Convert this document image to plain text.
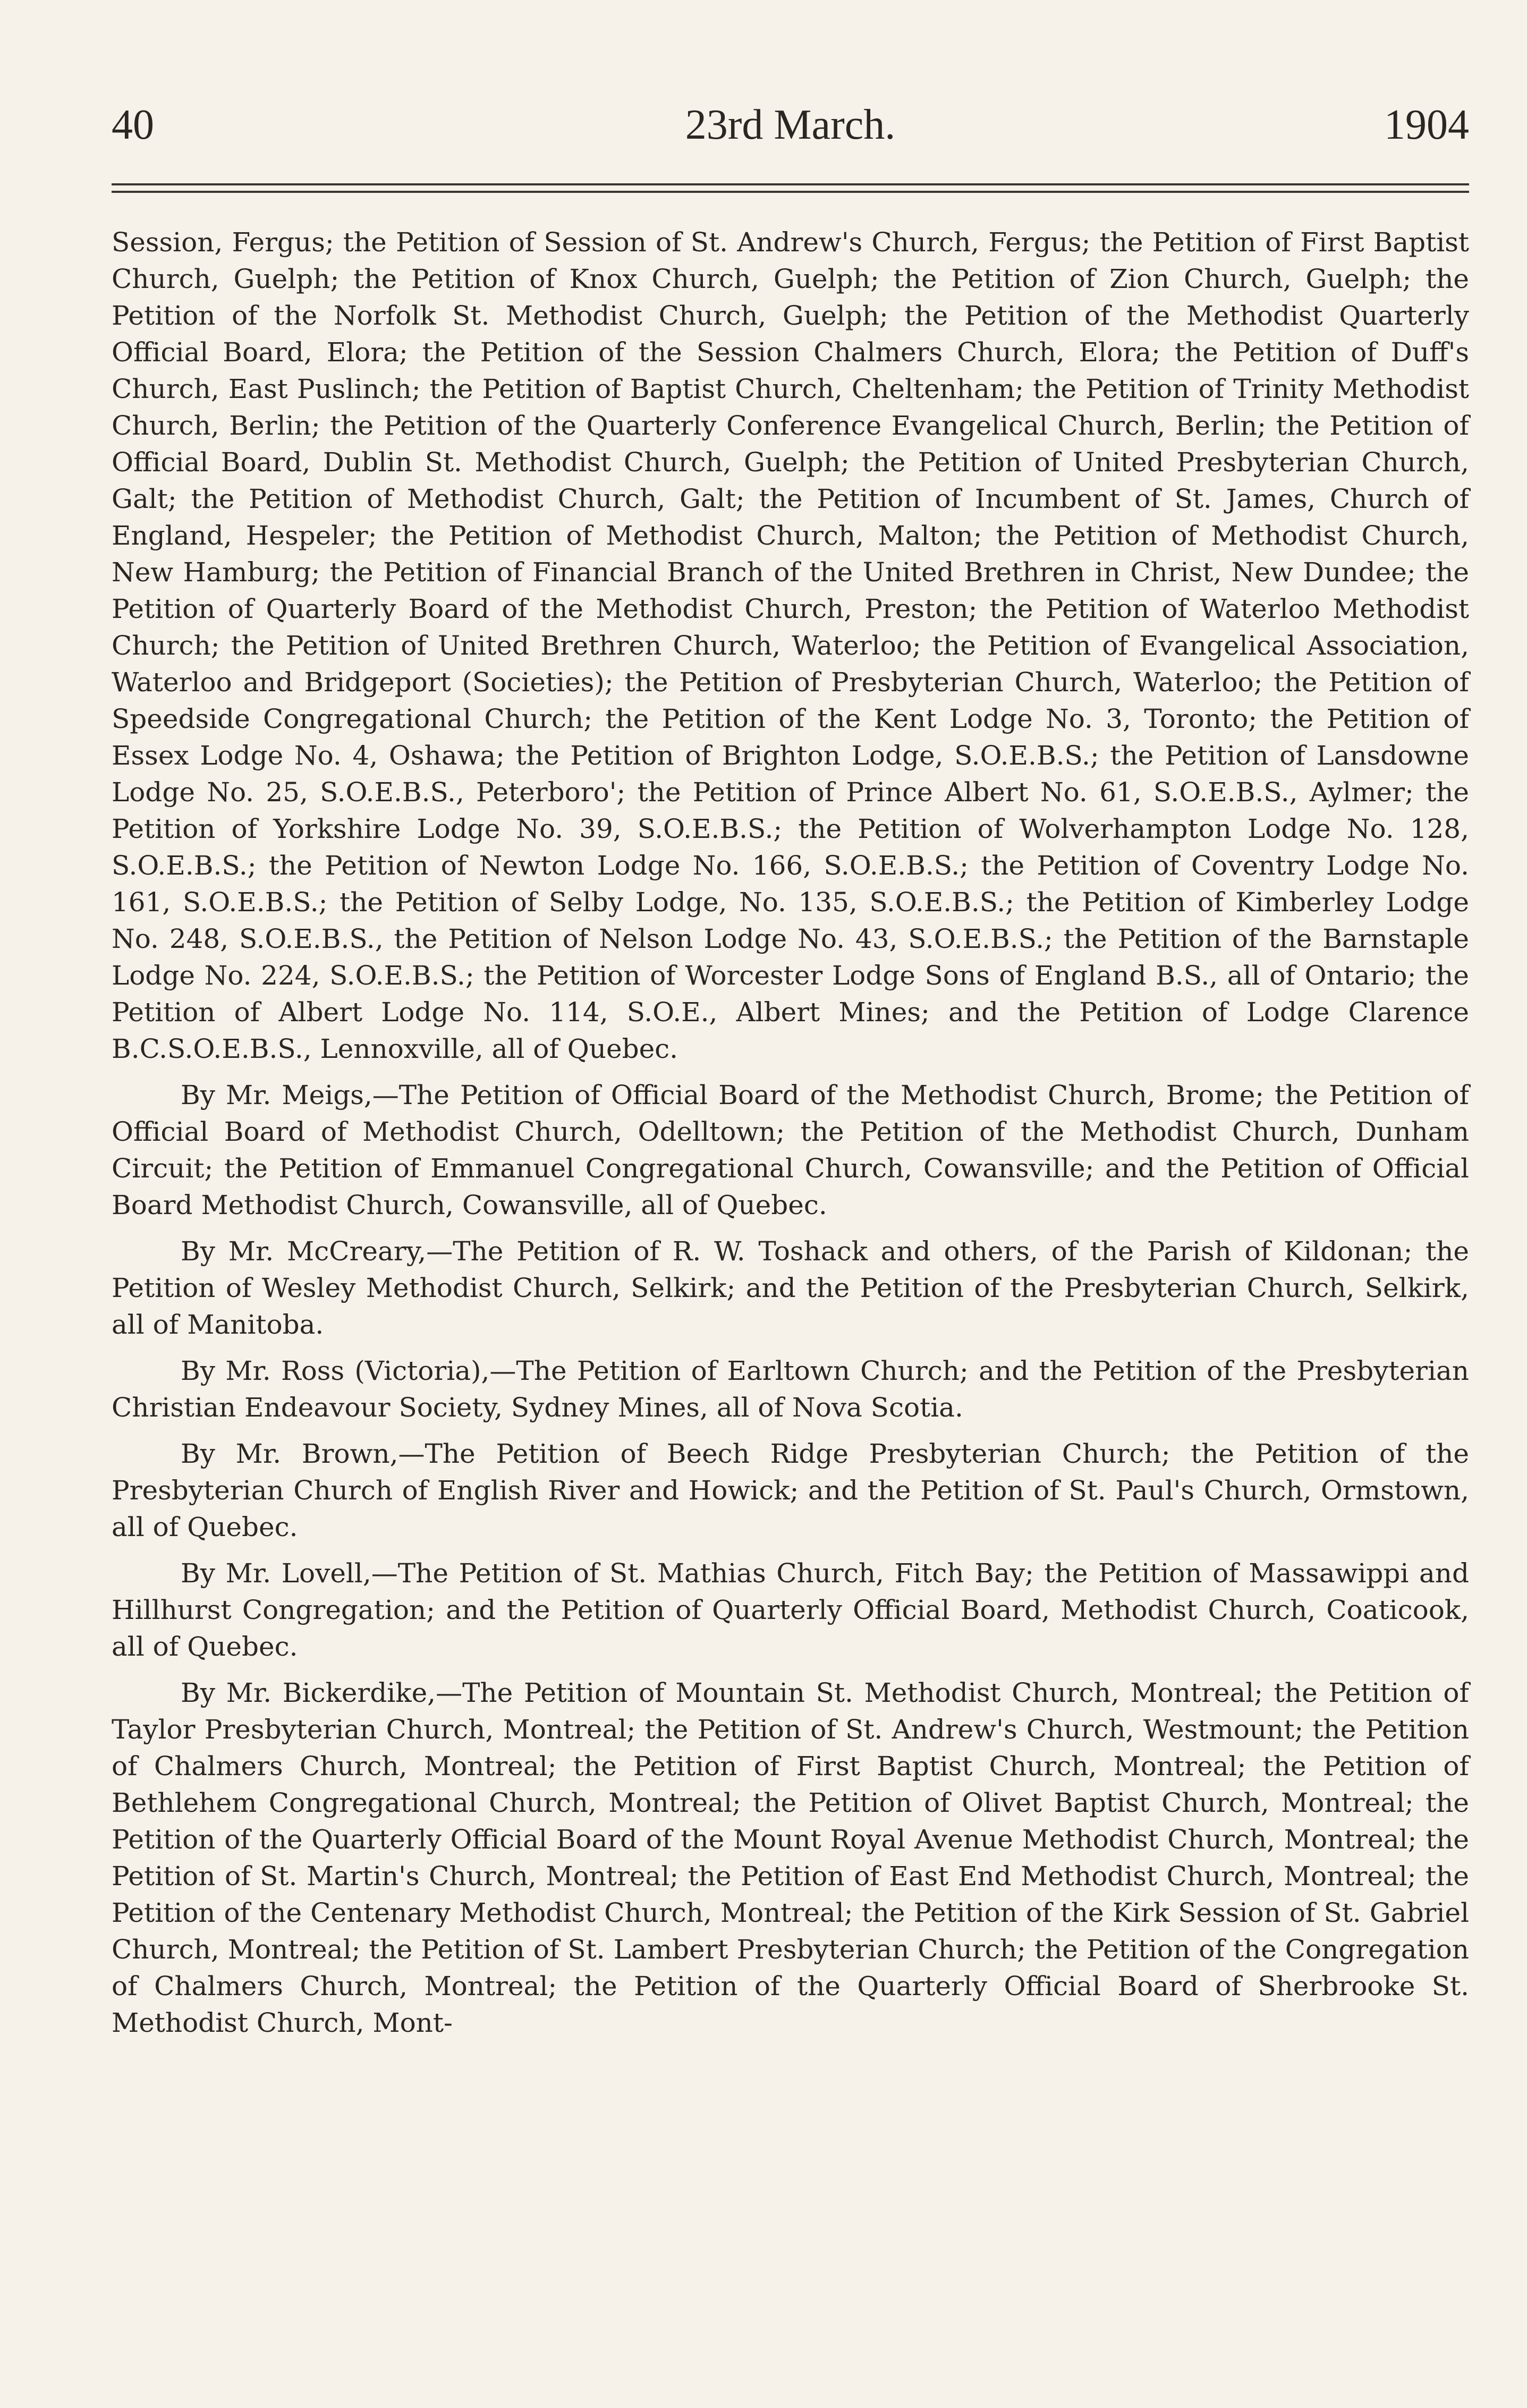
40	23rd March.	1904

Session, Fergus; the Petition of Session of St. Andrew's Church, Fergus; the Petition of First Baptist Church, Guelph; the Petition of Knox Church, Guelph; the Petition of Zion Church, Guelph; the Petition of the Norfolk St. Methodist Church, Guelph; the Petition of the Methodist Quarterly Official Board, Elora; the Petition of the Session Chalmers Church, Elora; the Petition of Duff's Church, East Puslinch; the Petition of Baptist Church, Cheltenham; the Petition of Trinity Methodist Church, Berlin; the Petition of the Quarterly Conference Evangelical Church, Berlin; the Petition of Official Board, Dublin St. Methodist Church, Guelph; the Petition of United Presbyterian Church, Galt; the Petition of Methodist Church, Galt; the Petition of Incumbent of St. James, Church of England, Hespeler; the Petition of Methodist Church, Malton; the Petition of Methodist Church, New Hamburg; the Petition of Financial Branch of the United Brethren in Christ, New Dundee; the Petition of Quarterly Board of the Methodist Church, Preston; the Petition of Waterloo Methodist Church; the Petition of United Brethren Church, Waterloo; the Petition of Evangelical Association, Waterloo and Bridgeport (Societies); the Petition of Presbyterian Church, Waterloo; the Petition of Speedside Congregational Church; the Petition of the Kent Lodge No. 3, Toronto; the Petition of Essex Lodge No. 4, Oshawa; the Petition of Brighton Lodge, S.O.E.B.S.; the Petition of Lansdowne Lodge No. 25, S.O.E.B.S., Peterboro'; the Petition of Prince Albert No. 61, S.O.E.B.S., Aylmer; the Petition of Yorkshire Lodge No. 39, S.O.E.B.S.; the Petition of Wolverhampton Lodge No. 128, S.O.E.B.S.; the Petition of Newton Lodge No. 166, S.O.E.B.S.; the Petition of Coventry Lodge No. 161, S.O.E.B.S.; the Petition of Selby Lodge, No. 135, S.O.E.B.S.; the Petition of Kimberley Lodge No. 248, S.O.E.B.S., the Petition of Nelson Lodge No. 43, S.O.E.B.S.; the Petition of the Barnstaple Lodge No. 224, S.O.E.B.S.; the Petition of Worcester Lodge Sons of England B.S., all of Ontario; the Petition of Albert Lodge No. 114, S.O.E., Albert Mines; and the Petition of Lodge Clarence B.C.S.O.E.B.S., Lennoxville, all of Quebec.

By Mr. Meigs,—The Petition of Official Board of the Methodist Church, Brome; the Petition of Official Board of Methodist Church, Odelltown; the Petition of the Methodist Church, Dunham Circuit; the Petition of Emmanuel Congregational Church, Cowansville; and the Petition of Official Board Methodist Church, Cowansville, all of Quebec.

By Mr. McCreary,—The Petition of R. W. Toshack and others, of the Parish of Kildonan; the Petition of Wesley Methodist Church, Selkirk; and the Petition of the Presbyterian Church, Selkirk, all of Manitoba.

By Mr. Ross (Victoria),—The Petition of Earltown Church; and the Petition of the Presbyterian Christian Endeavour Society, Sydney Mines, all of Nova Scotia.

By Mr. Brown,—The Petition of Beech Ridge Presbyterian Church; the Petition of the Presbyterian Church of English River and Howick; and the Petition of St. Paul's Church, Ormstown, all of Quebec.

By Mr. Lovell,—The Petition of St. Mathias Church, Fitch Bay; the Petition of Massawippi and Hillhurst Congregation; and the Petition of Quarterly Official Board, Methodist Church, Coaticook, all of Quebec.

By Mr. Bickerdike,—The Petition of Mountain St. Methodist Church, Montreal; the Petition of Taylor Presbyterian Church, Montreal; the Petition of St. Andrew's Church, Westmount; the Petition of Chalmers Church, Montreal; the Petition of First Baptist Church, Montreal; the Petition of Bethlehem Congregational Church, Montreal; the Petition of Olivet Baptist Church, Montreal; the Petition of the Quarterly Official Board of the Mount Royal Avenue Methodist Church, Montreal; the Petition of St. Martin's Church, Montreal; the Petition of East End Methodist Church, Montreal; the Petition of the Centenary Methodist Church, Montreal; the Petition of the Kirk Session of St. Gabriel Church, Montreal; the Petition of St. Lambert Presbyterian Church; the Petition of the Congregation of Chalmers Church, Montreal; the Petition of the Quarterly Official Board of Sherbrooke St. Methodist Church, Mont-
